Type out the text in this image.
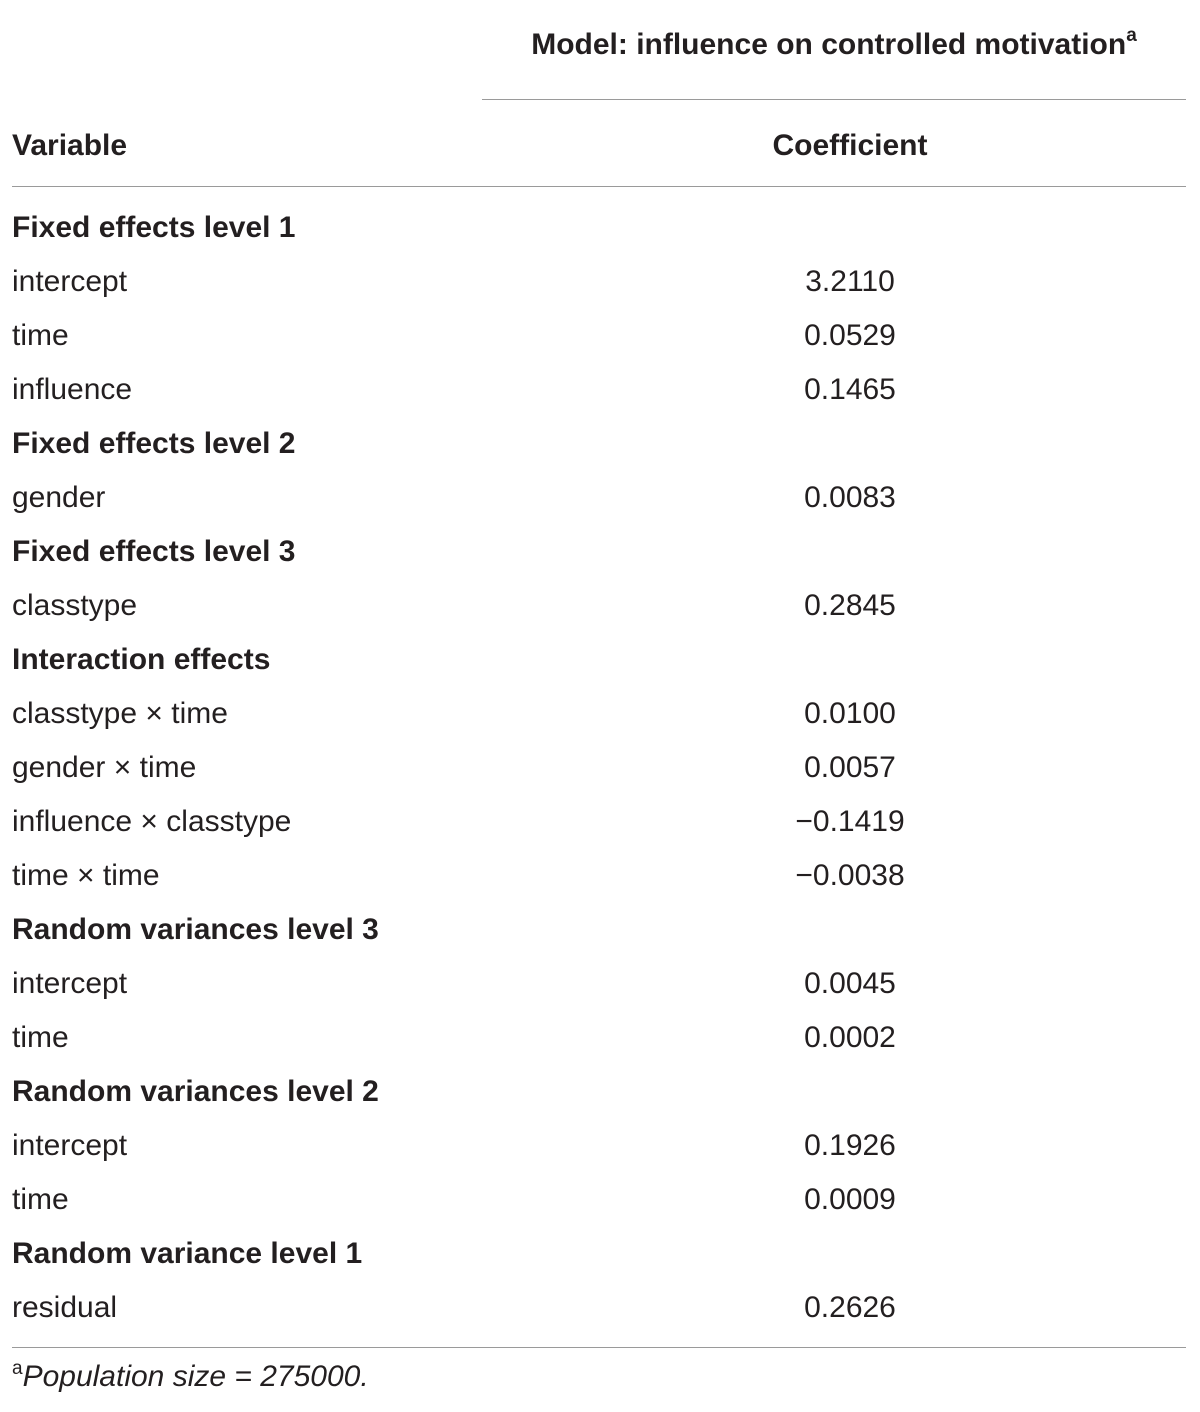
Model: influence on controlled motivation$^a$
Variable	Coefficient
Fixed effects level 1
intercept	3.2110
time	0.0529
influence	0.1465
Fixed effects level 2
gender	0.0083
Fixed effects level 3
classtype	0.2845
Interaction effects
classtype × time	0.0100
gender × time	0.0057
influence × classtype	−0.1419
time × time	−0.0038
Random variances level 3
intercept	0.0045
time	0.0002
Random variances level 2
intercept	0.1926
time	0.0009
Random variance level 1
residual	0.2626
$^a$Population size = 275000.
